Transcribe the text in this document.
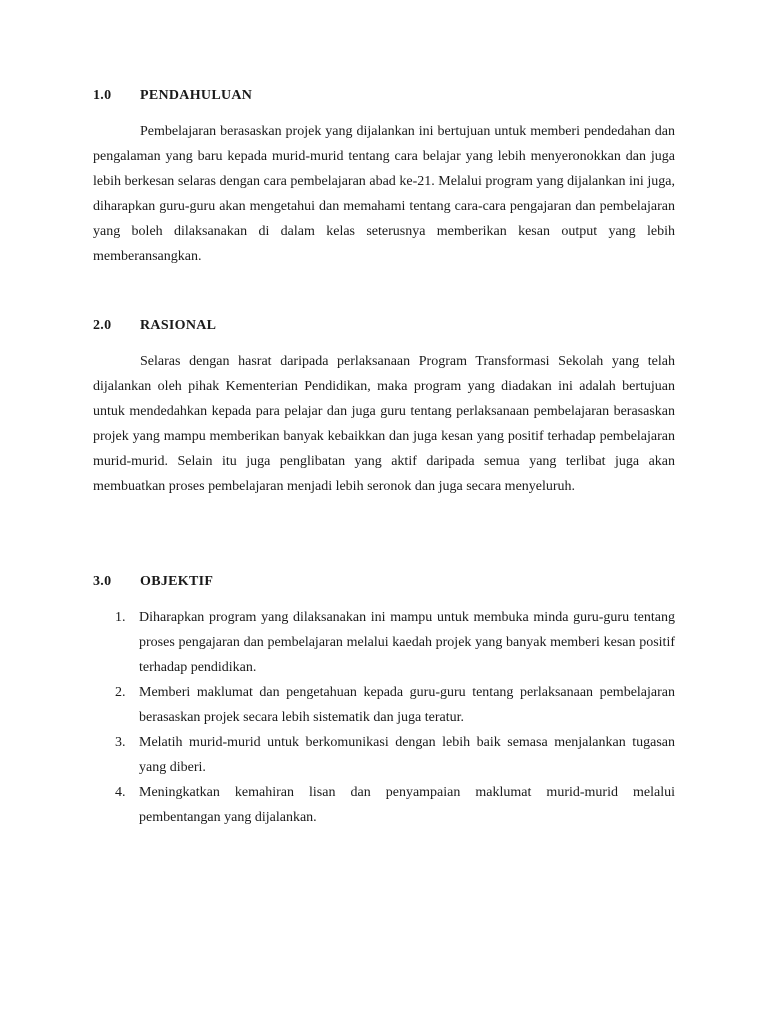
1.0 PENDAHULUAN

Pembelajaran berasaskan projek yang dijalankan ini bertujuan untuk memberi pendedahan dan pengalaman yang baru kepada murid-murid tentang cara belajar yang lebih menyeronokkan dan juga lebih berkesan selaras dengan cara pembelajaran abad ke-21. Melalui program yang dijalankan ini juga, diharapkan guru-guru akan mengetahui dan memahami tentang cara-cara pengajaran dan pembelajaran yang boleh dilaksanakan di dalam kelas seterusnya memberikan kesan output yang lebih memberansangkan.

2.0 RASIONAL

Selaras dengan hasrat daripada perlaksanaan Program Transformasi Sekolah yang telah dijalankan oleh pihak Kementerian Pendidikan, maka program yang diadakan ini adalah bertujuan untuk mendedahkan kepada para pelajar dan juga guru tentang perlaksanaan pembelajaran berasaskan projek yang mampu memberikan banyak kebaikkan dan juga kesan yang positif terhadap pembelajaran murid-murid. Selain itu juga penglibatan yang aktif daripada semua yang terlibat juga akan membuatkan proses pembelajaran menjadi lebih seronok dan juga secara menyeluruh.

3.0 OBJEKTIF
1. Diharapkan program yang dilaksanakan ini mampu untuk membuka minda guru-guru tentang proses pengajaran dan pembelajaran melalui kaedah projek yang banyak memberi kesan positif terhadap pendidikan.
2. Memberi maklumat dan pengetahuan kepada guru-guru tentang perlaksanaan pembelajaran berasaskan projek secara lebih sistematik dan juga teratur.
3. Melatih murid-murid untuk berkomunikasi dengan lebih baik semasa menjalankan tugasan yang diberi.
4. Meningkatkan kemahiran lisan dan penyampaian maklumat murid-murid melalui pembentangan yang dijalankan.
